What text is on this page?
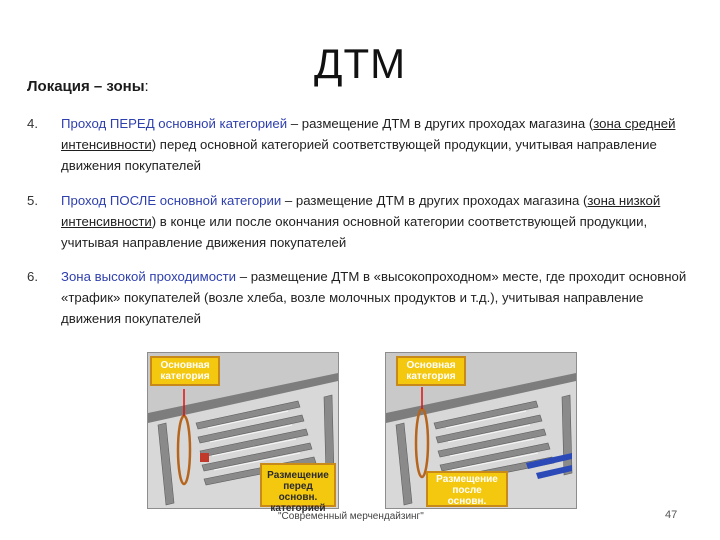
ДТМ
Локация – зоны:
4. Проход ПЕРЕД основной категорией – размещение ДТМ в других проходах магазина (зона средней интенсивности) перед основной категорией соответствующей продукции, учитывая направление движения покупателей
5. Проход ПОСЛЕ основной категории – размещение ДТМ в других проходах магазина (зона низкой интенсивности) в конце или после окончания основной категории соответствующей продукции, учитывая направление движения покупателей
6. Зона высокой проходимости – размещение ДТМ в «высокопроходном» месте, где проходит основной «трафик» покупателей (возле хлеба, возле молочных продуктов и т.д.), учитывая направление движения покупателей
Основная категория
Размещение перед основн. категорией
Основная категория
Размещение после основн. категории
"Современный мерчендайзинг"	47
